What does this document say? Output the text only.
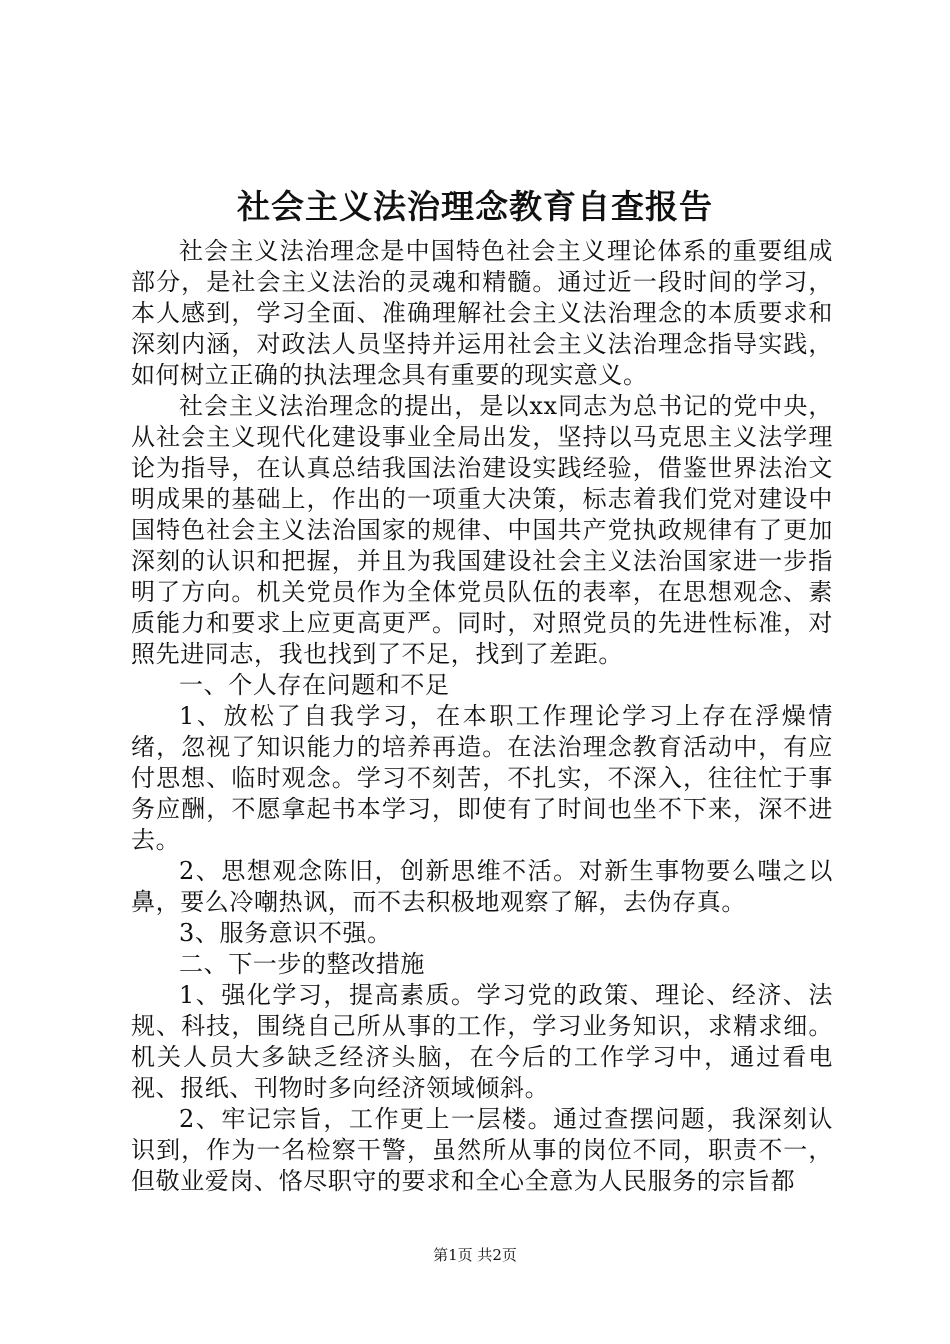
社会主义法治理念教育自查报告

社会主义法治理念是中国特色社会主义理论体系的重要组成部分，是社会主义法治的灵魂和精髓。通过近一段时间的学习，本人感到，学习全面、准确理解社会主义法治理念的本质要求和深刻内涵，对政法人员坚持并运用社会主义法治理念指导实践，如何树立正确的执法理念具有重要的现实意义。

社会主义法治理念的提出，是以xx同志为总书记的党中央，从社会主义现代化建设事业全局出发，坚持以马克思主义法学理论为指导，在认真总结我国法治建设实践经验，借鉴世界法治文明成果的基础上，作出的一项重大决策，标志着我们党对建设中国特色社会主义法治国家的规律、中国共产党执政规律有了更加深刻的认识和把握，并且为我国建设社会主义法治国家进一步指明了方向。机关党员作为全体党员队伍的表率，在思想观念、素质能力和要求上应更高更严。同时，对照党员的先进性标准，对照先进同志，我也找到了不足，找到了差距。

一、个人存在问题和不足

1、放松了自我学习，在本职工作理论学习上存在浮燥情绪，忽视了知识能力的培养再造。在法治理念教育活动中，有应付思想、临时观念。学习不刻苦，不扎实，不深入，往往忙于事务应酬，不愿拿起书本学习，即使有了时间也坐不下来，深不进去。

2、思想观念陈旧，创新思维不活。对新生事物要么嗤之以鼻，要么冷嘲热讽，而不去积极地观察了解，去伪存真。

3、服务意识不强。

二、下一步的整改措施

1、强化学习，提高素质。学习党的政策、理论、经济、法规、科技，围绕自己所从事的工作，学习业务知识，求精求细。机关人员大多缺乏经济头脑，在今后的工作学习中，通过看电视、报纸、刊物时多向经济领域倾斜。

2、牢记宗旨，工作更上一层楼。通过查摆问题，我深刻认识到，作为一名检察干警，虽然所从事的岗位不同，职责不一，但敬业爱岗、恪尽职守的要求和全心全意为人民服务的宗旨都

第1页 共2页
